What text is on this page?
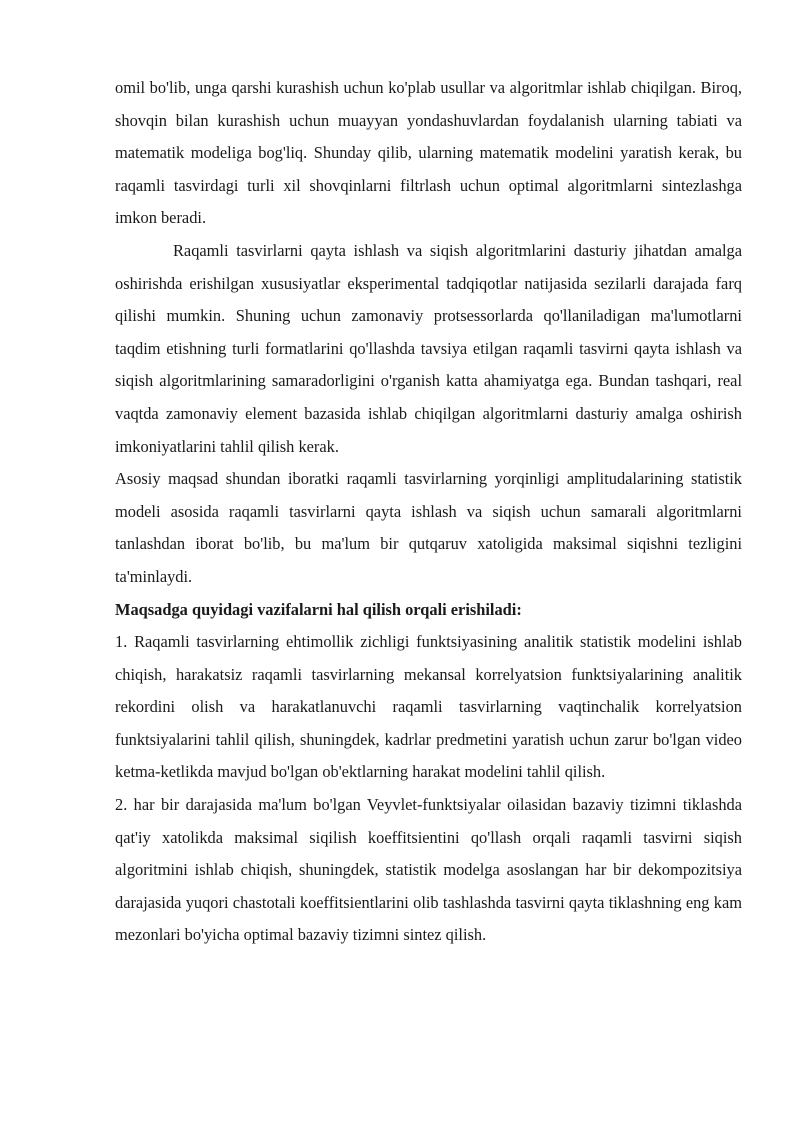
omil bo'lib, unga qarshi kurashish uchun ko'plab usullar va algoritmlar ishlab chiqilgan. Biroq, shovqin bilan kurashish uchun muayyan yondashuvlardan foydalanish ularning tabiati va matematik modeliga bog'liq. Shunday qilib, ularning matematik modelini yaratish kerak, bu raqamli tasvirdagi turli xil shovqinlarni filtrlash uchun optimal algoritmlarni sintezlashga imkon beradi.

Raqamli tasvirlarni qayta ishlash va siqish algoritmlarini dasturiy jihatdan amalga oshirishda erishilgan xususiyatlar eksperimental tadqiqotlar natijasida sezilarli darajada farq qilishi mumkin. Shuning uchun zamonaviy protsessorlarda qo'llaniladigan ma'lumotlarni taqdim etishning turli formatlarini qo'llashda tavsiya etilgan raqamli tasvirni qayta ishlash va siqish algoritmlarining samaradorligini o'rganish katta ahamiyatga ega. Bundan tashqari, real vaqtda zamonaviy element bazasida ishlab chiqilgan algoritmlarni dasturiy amalga oshirish imkoniyatlarini tahlil qilish kerak.

Asosiy maqsad shundan iboratki raqamli tasvirlarning yorqinligi amplitudalarining statistik modeli asosida raqamli tasvirlarni qayta ishlash va siqish uchun samarali algoritmlarni tanlashdan iborat bo'lib, bu ma'lum bir qutqaruv xatoligida maksimal siqishni tezligini ta'minlaydi.

Maqsadga quyidagi vazifalarni hal qilish orqali erishiladi:

1. Raqamli tasvirlarning ehtimollik zichligi funktsiyasining analitik statistik modelini ishlab chiqish, harakatsiz raqamli tasvirlarning mekansal korrelyatsion funktsiyalarining analitik rekordini olish va harakatlanuvchi raqamli tasvirlarning vaqtinchalik korrelyatsion funktsiyalarini tahlil qilish, shuningdek, kadrlar predmetini yaratish uchun zarur bo'lgan video ketma-ketlikda mavjud bo'lgan ob'ektlarning harakat modelini tahlil qilish.

2. har bir darajasida ma'lum bo'lgan Veyvlet-funktsiyalar oilasidan bazaviy tizimni tiklashda qat'iy xatolikda maksimal siqilish koeffitsientini qo'llash orqali raqamli tasvirni siqish algoritmini ishlab chiqish, shuningdek, statistik modelga asoslangan har bir dekompozitsiya darajasida yuqori chastotali koeffitsientlarini olib tashlashda tasvirni qayta tiklashning eng kam mezonlari bo'yicha optimal bazaviy tizimni sintez qilish.
